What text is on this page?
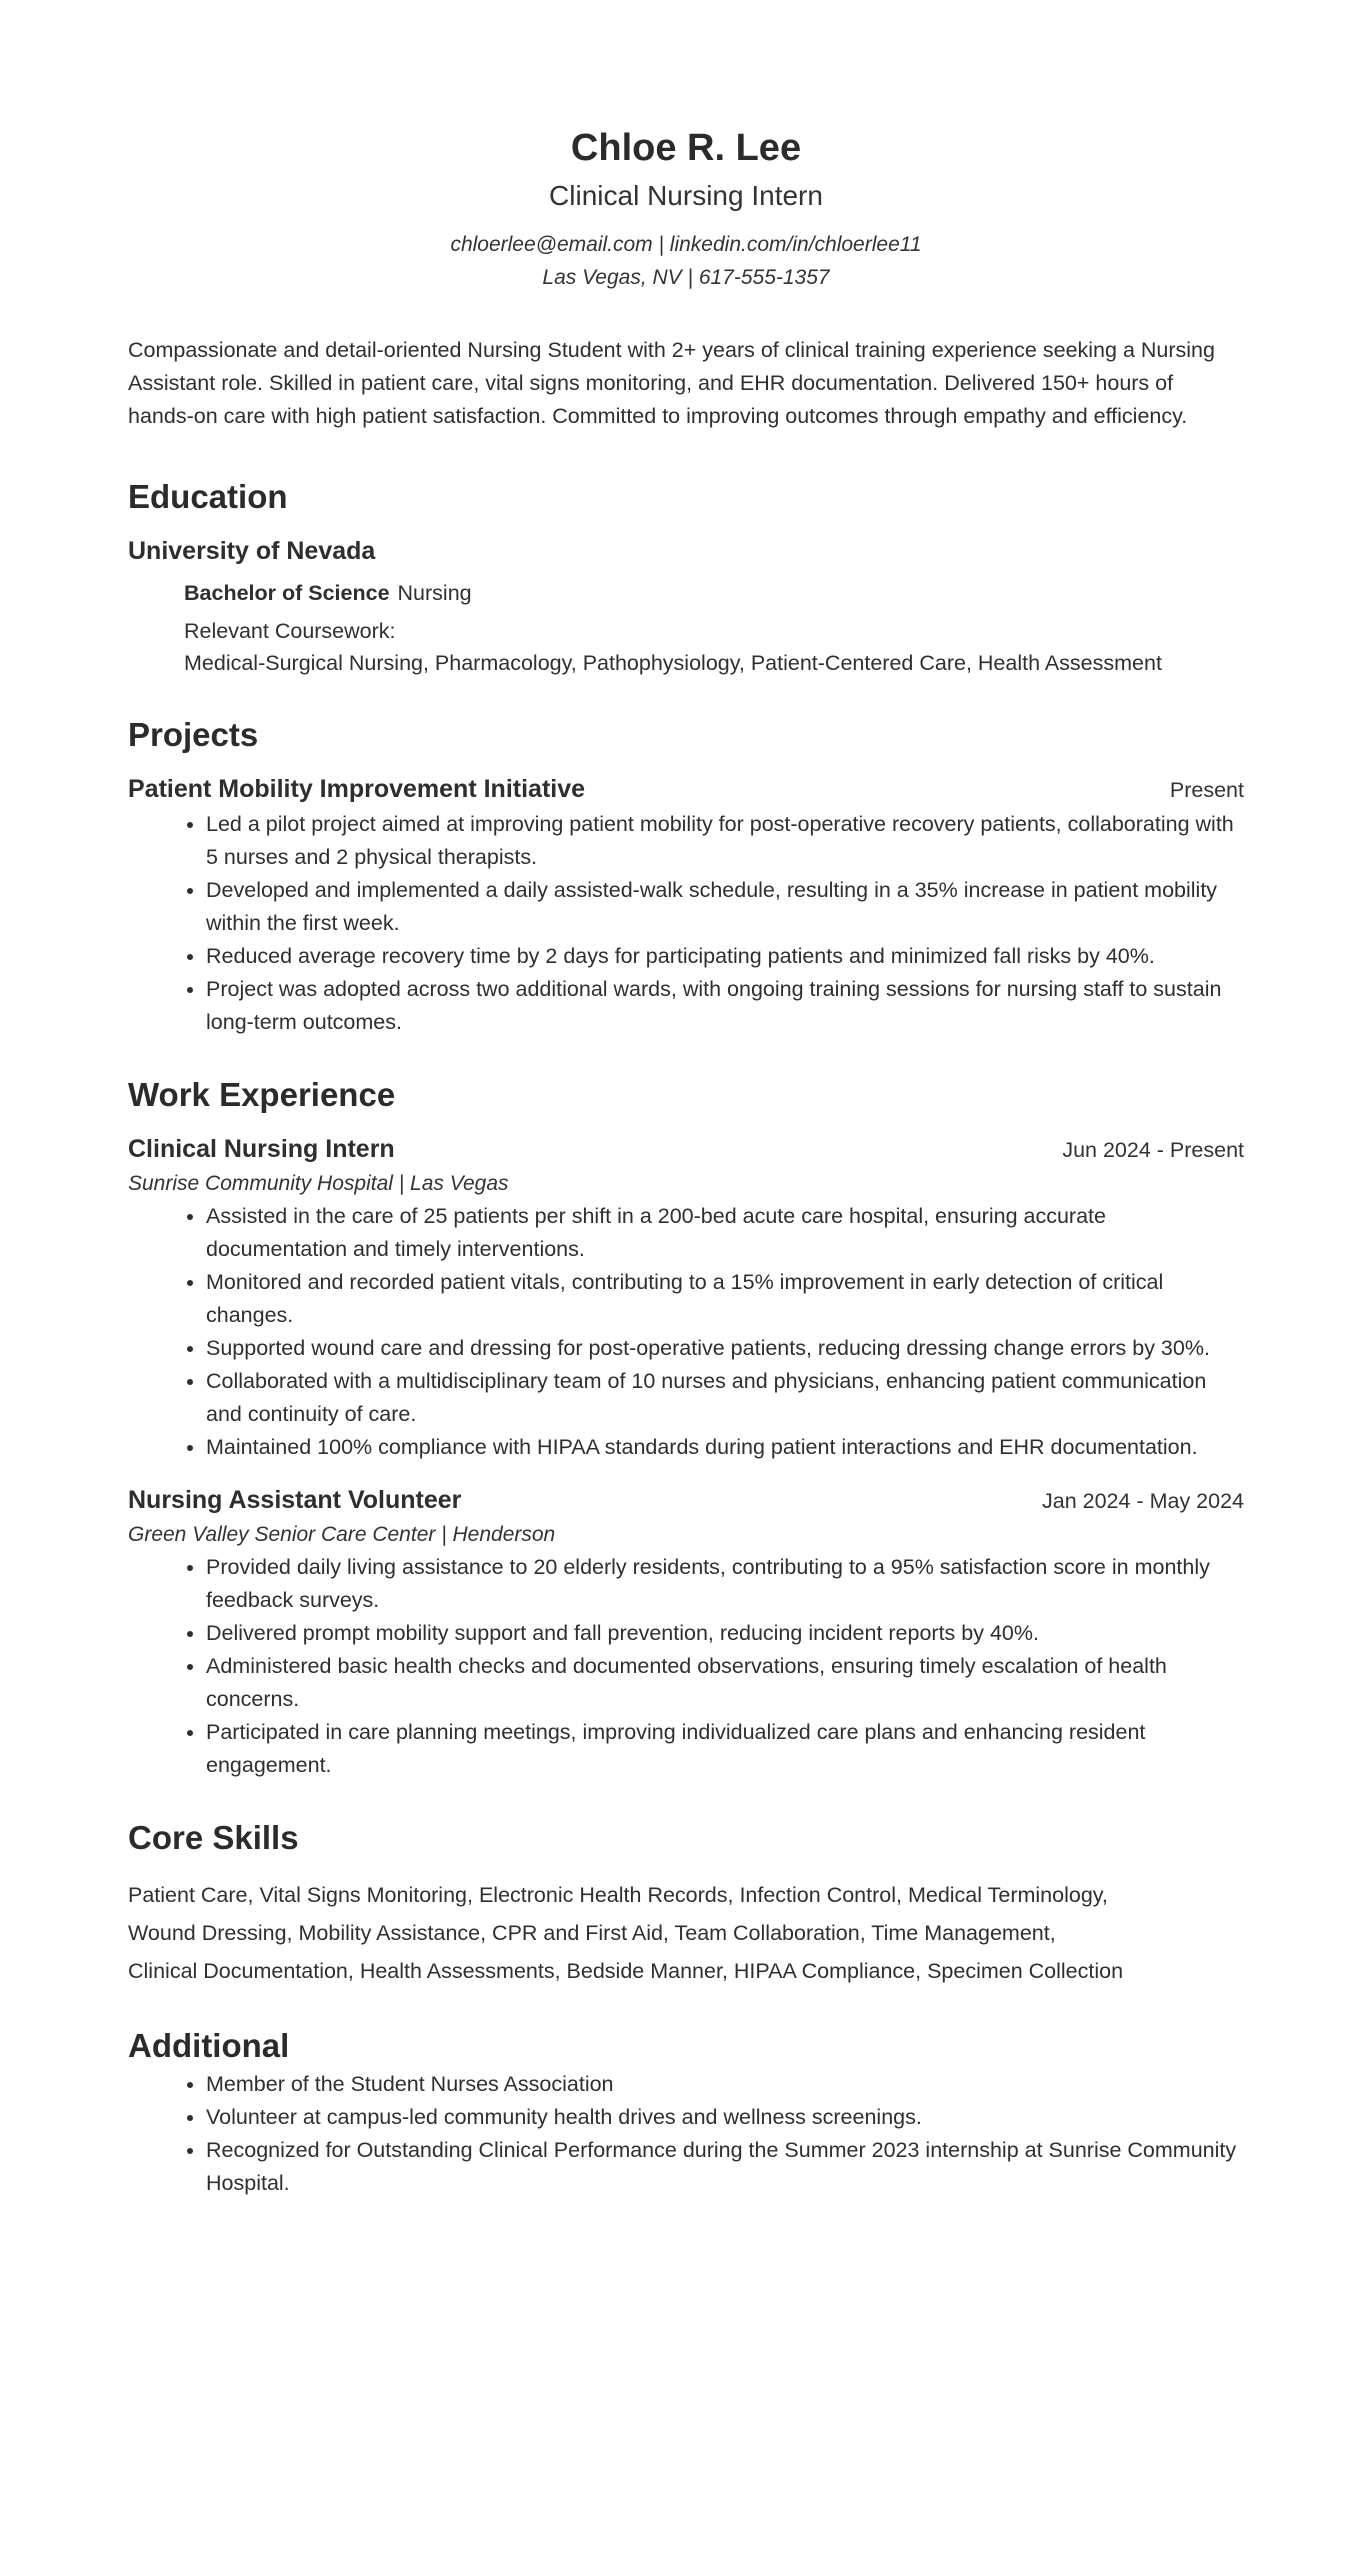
Chloe R. Lee
Clinical Nursing Intern
chloerlee@email.com | linkedin.com/in/chloerlee11
Las Vegas, NV | 617-555-1357
Compassionate and detail-oriented Nursing Student with 2+ years of clinical training experience seeking a Nursing Assistant role. Skilled in patient care, vital signs monitoring, and EHR documentation. Delivered 150+ hours of hands-on care with high patient satisfaction. Committed to improving outcomes through empathy and efficiency.
Education
University of Nevada
Bachelor of Science Nursing
Relevant Coursework:
Medical-Surgical Nursing, Pharmacology, Pathophysiology, Patient-Centered Care, Health Assessment
Projects
Patient Mobility Improvement Initiative	Present
• Led a pilot project aimed at improving patient mobility for post-operative recovery patients, collaborating with 5 nurses and 2 physical therapists.
• Developed and implemented a daily assisted-walk schedule, resulting in a 35% increase in patient mobility within the first week.
• Reduced average recovery time by 2 days for participating patients and minimized fall risks by 40%.
• Project was adopted across two additional wards, with ongoing training sessions for nursing staff to sustain long-term outcomes.
Work Experience
Clinical Nursing Intern	Jun 2024 - Present
Sunrise Community Hospital | Las Vegas
• Assisted in the care of 25 patients per shift in a 200-bed acute care hospital, ensuring accurate documentation and timely interventions.
• Monitored and recorded patient vitals, contributing to a 15% improvement in early detection of critical changes.
• Supported wound care and dressing for post-operative patients, reducing dressing change errors by 30%.
• Collaborated with a multidisciplinary team of 10 nurses and physicians, enhancing patient communication and continuity of care.
• Maintained 100% compliance with HIPAA standards during patient interactions and EHR documentation.
Nursing Assistant Volunteer	Jan 2024 - May 2024
Green Valley Senior Care Center | Henderson
• Provided daily living assistance to 20 elderly residents, contributing to a 95% satisfaction score in monthly feedback surveys.
• Delivered prompt mobility support and fall prevention, reducing incident reports by 40%.
• Administered basic health checks and documented observations, ensuring timely escalation of health concerns.
• Participated in care planning meetings, improving individualized care plans and enhancing resident engagement.
Core Skills
Patient Care, Vital Signs Monitoring, Electronic Health Records, Infection Control, Medical Terminology,
Wound Dressing, Mobility Assistance, CPR and First Aid, Team Collaboration, Time Management,
Clinical Documentation, Health Assessments, Bedside Manner, HIPAA Compliance, Specimen Collection
Additional
• Member of the Student Nurses Association
• Volunteer at campus-led community health drives and wellness screenings.
• Recognized for Outstanding Clinical Performance during the Summer 2023 internship at Sunrise Community Hospital.
